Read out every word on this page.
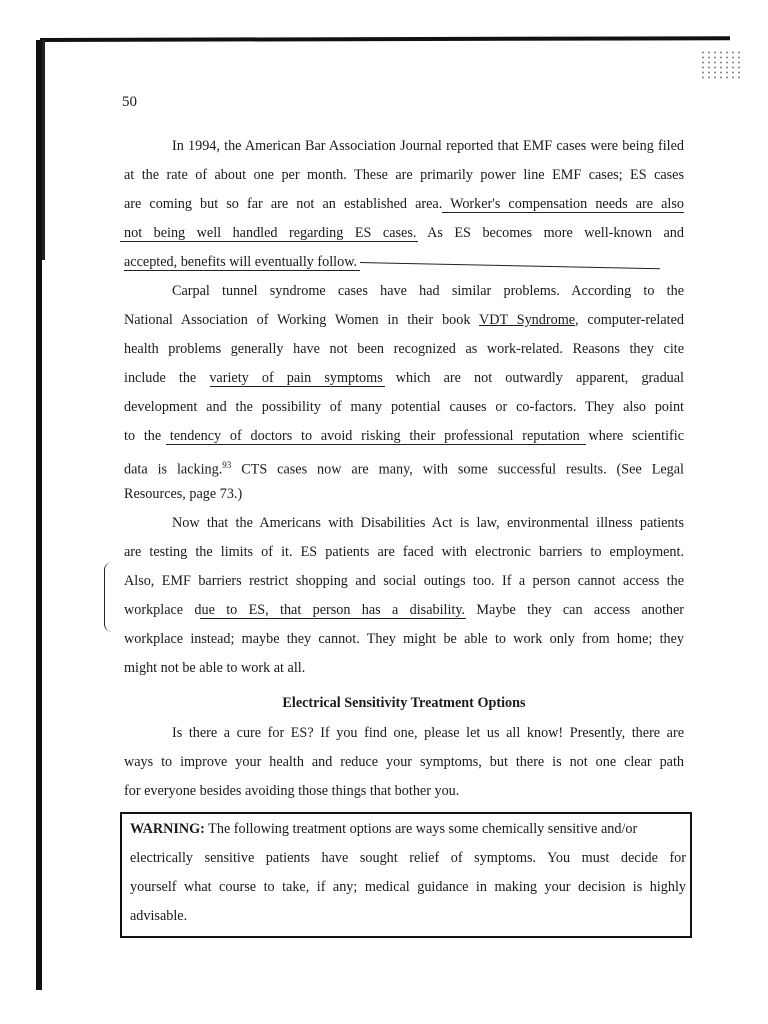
50
In 1994, the American Bar Association Journal reported that EMF cases were being filed
at the rate of about one per month. These are primarily power line EMF cases; ES cases
are coming but so far are not an established area. Worker's compensation needs are also
not being well handled regarding ES cases. As ES becomes more well-known and
accepted, benefits will eventually follow.
Carpal tunnel syndrome cases have had similar problems. According to the
National Association of Working Women in their book VDT Syndrome, computer-related
health problems generally have not been recognized as work-related. Reasons they cite
include the variety of pain symptoms which are not outwardly apparent, gradual
development and the possibility of many potential causes or co-factors. They also point
to the tendency of doctors to avoid risking their professional reputation where scientific
data is lacking.$^{93}$ CTS cases now are many, with some successful results. (See Legal
Resources, page 73.)
Now that the Americans with Disabilities Act is law, environmental illness patients
are testing the limits of it. ES patients are faced with electronic barriers to employment.
Also, EMF barriers restrict shopping and social outings too. If a person cannot access the
workplace due to ES, that person has a disability. Maybe they can access another
workplace instead; maybe they cannot. They might be able to work only from home; they
might not be able to work at all.
Electrical Sensitivity Treatment Options
Is there a cure for ES? If you find one, please let us all know! Presently, there are
ways to improve your health and reduce your symptoms, but there is not one clear path
for everyone besides avoiding those things that bother you.
WARNING: The following treatment options are ways some chemically sensitive and/or
electrically sensitive patients have sought relief of symptoms. You must decide for
yourself what course to take, if any; medical guidance in making your decision is highly
advisable.
